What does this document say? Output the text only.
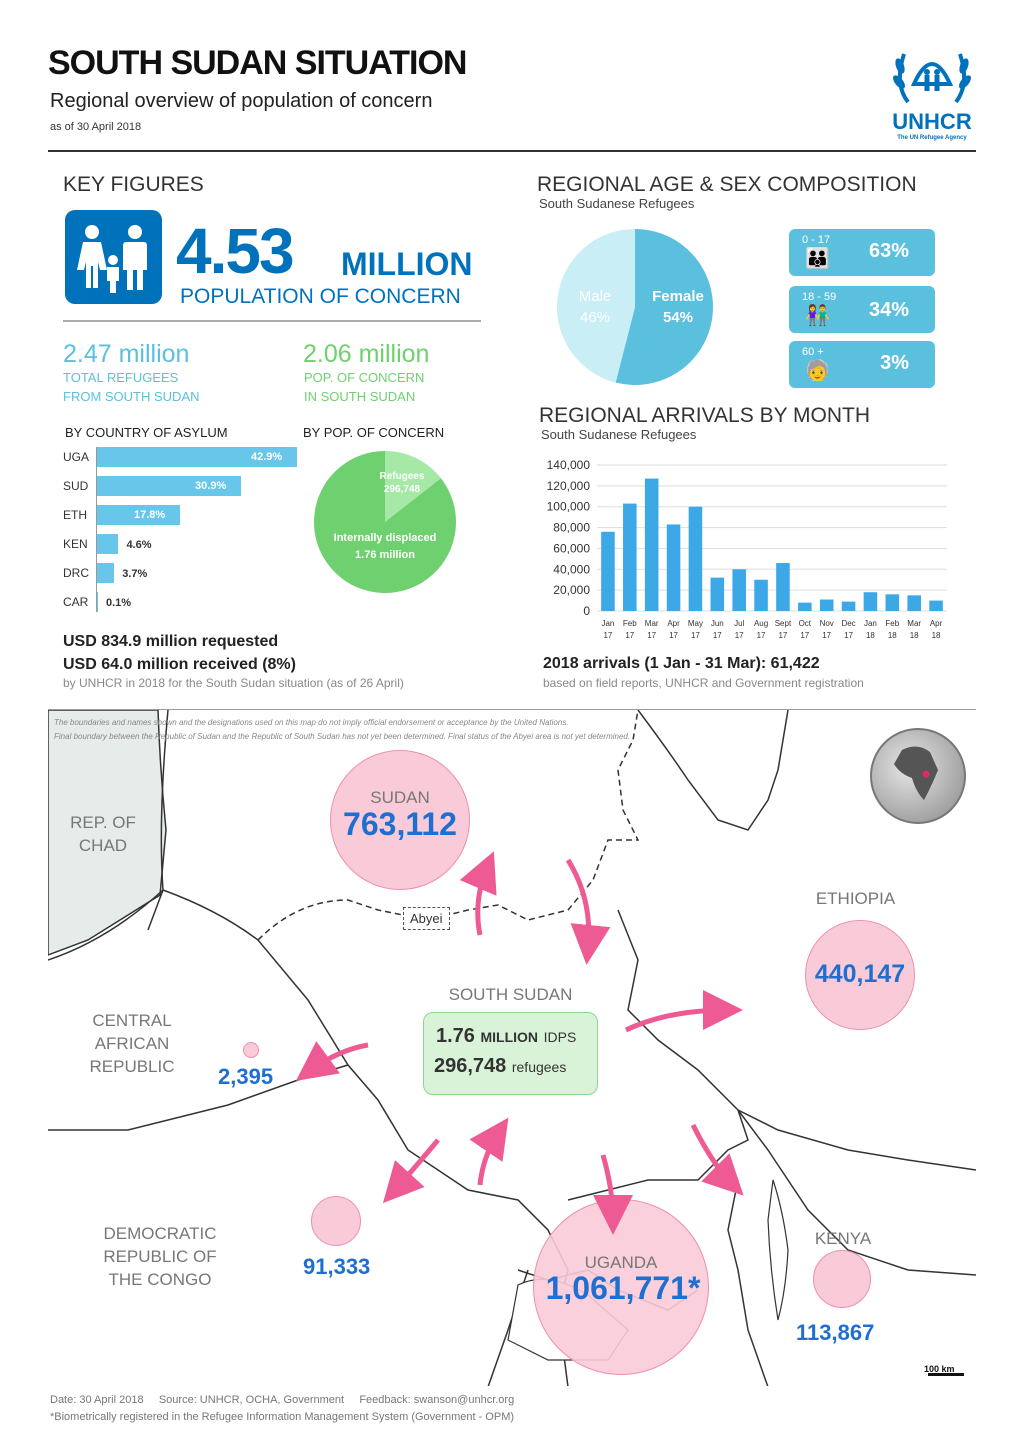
SOUTH SUDAN SITUATION
Regional overview of population of concern
as of 30 April 2018	UNHCR
The UN Refugee Agency
KEY FIGURES
4.53 MILLION
POPULATION OF CONCERN
2.47 million
TOTAL REFUGEES
FROM SOUTH SUDAN
2.06 million
POP. OF CONCERN
IN SOUTH SUDAN
BY COUNTRY OF ASYLUM	BY POP. OF CONCERN
UGA	42.9%
SUD	30.9%
ETH	17.8%
KEN	4.6%
DRC	3.7%
CAR 0.1%
Refugees
296,748
Internally displaced
1.76 million
USD 834.9 million requested
USD 64.0 million received (8%)
by UNHCR in 2018 for the South Sudan situation (as of 26 April)
REGIONAL AGE & SEX COMPOSITION
South Sudanese Refugees
Male
46%
Female
54%
0 - 17
👪 63%
18 - 59
👫 34%
60 +
🧓	3%
REGIONAL ARRIVALS BY MONTH
South Sudanese Refugees
140,000
120,000
100,000
80,000
60,000
40,000
20,000
0
Jan
17
Feb
17
Mar
17
Apr
17
May
17
Jun
17
Jul
17
Aug
17
Sept
17
Oct
17
Nov
17
Dec
17
Jan
18
Feb
18
Mar
18
Apr
18
2018 arrivals (1 Jan - 31 Mar): 61,422
based on field reports, UNHCR and Government registration
The boundaries and names shown and the designations used on this map do not imply official endorsement or acceptance by the United Nations.
Final boundary between the Republic of Sudan and the Republic of South Sudan has not yet been determined. Final status of the Abyei area is not yet determined.
REP. OF
CHAD
SUDAN
763,112
Abyei
ETHIOPIA
440,147
SOUTH SUDAN
1.76 MILLION IDPS
296,748 refugees
CENTRAL
AFRICAN
REPUBLIC	2,395
DEMOCRATIC
REPUBLIC OF
THE CONGO
91,333	UGANDA
1,061,771*
KENYA
113,867
100 km
Date: 30 April 2018     Source: UNHCR, OCHA, Government     Feedback: swanson@unhcr.org
*Biometrically registered in the Refugee Information Management System (Government - OPM)
